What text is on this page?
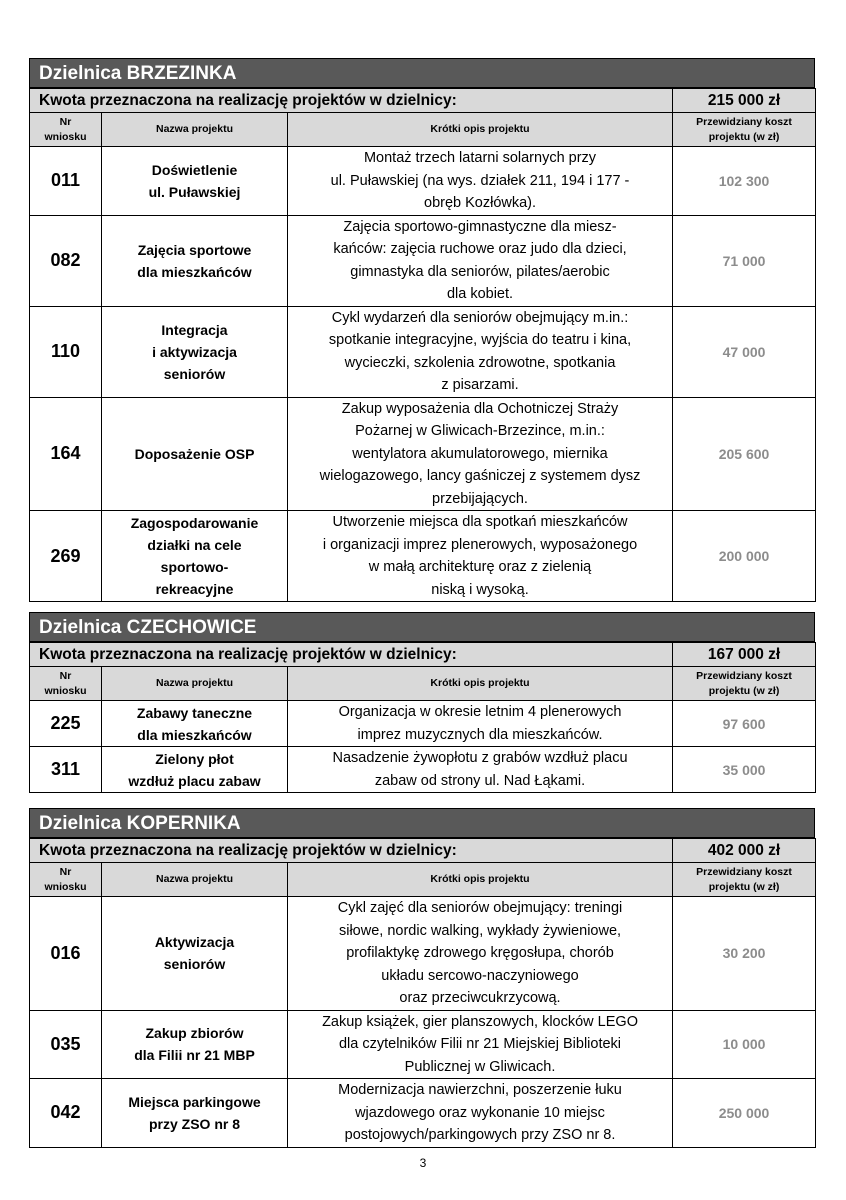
Dzielnica BRZEZINKA
Kwota przeznaczona na realizację projektów w dzielnicy:			215 000 zł
Nr
wniosku	Nazwa projektu	Krótki opis projektu	Przewidziany koszt
projektu (w zł)
011	Doświetlenie
ul. Puławskiej	Montaż trzech latarni solarnych przy
ul. Puławskiej (na wys. działek 211, 194 i 177 -
obręb Kozłówka).	102 300
082	Zajęcia sportowe
dla mieszkańców	Zajęcia sportowo-gimnastyczne dla miesz-
kańców: zajęcia ruchowe oraz judo dla dzieci,
gimnastyka dla seniorów, pilates/aerobic
dla kobiet.	71 000
110	Integracja
i aktywizacja
seniorów	Cykl wydarzeń dla seniorów obejmujący m.in.:
spotkanie integracyjne, wyjścia do teatru i kina,
wycieczki, szkolenia zdrowotne, spotkania
z pisarzami.	47 000
164	Doposażenie OSP	Zakup wyposażenia dla Ochotniczej Straży
Pożarnej w Gliwicach-Brzezince, m.in.:
wentylatora akumulatorowego, miernika
wielogazowego, lancy gaśniczej z systemem dysz
przebijających.	205 600
269	Zagospodarowanie
działki na cele
sportowo-
rekreacyjne	Utworzenie miejsca dla spotkań mieszkańców
i organizacji imprez plenerowych, wyposażonego
w małą architekturę oraz z zielenią
niską i wysoką.	200 000
Dzielnica CZECHOWICE
Kwota przeznaczona na realizację projektów w dzielnicy:			167 000 zł
Nr
wniosku	Nazwa projektu	Krótki opis projektu	Przewidziany koszt
projektu (w zł)
225	Zabawy taneczne
dla mieszkańców	Organizacja w okresie letnim 4 plenerowych
imprez muzycznych dla mieszkańców.	97 600
311	Zielony płot
wzdłuż placu zabaw	Nasadzenie żywopłotu z grabów wzdłuż placu
zabaw od strony ul. Nad Łąkami.	35 000
Dzielnica KOPERNIKA
Kwota przeznaczona na realizację projektów w dzielnicy:			402 000 zł
Nr
wniosku	Nazwa projektu	Krótki opis projektu	Przewidziany koszt
projektu (w zł)
016	Aktywizacja
seniorów	Cykl zajęć dla seniorów obejmujący: treningi
siłowe, nordic walking, wykłady żywieniowe,
profilaktykę zdrowego kręgosłupa, chorób
układu sercowo-naczyniowego
oraz przeciwcukrzycową.	30 200
035	Zakup zbiorów
dla Filii nr 21 MBP	Zakup książek, gier planszowych, klocków LEGO
dla czytelników Filii nr 21 Miejskiej Biblioteki
Publicznej w Gliwicach.	10 000
042	Miejsca parkingowe
przy ZSO nr 8	Modernizacja nawierzchni, poszerzenie łuku
wjazdowego oraz wykonanie 10 miejsc
postojowych/parkingowych przy ZSO nr 8.	250 000
3
